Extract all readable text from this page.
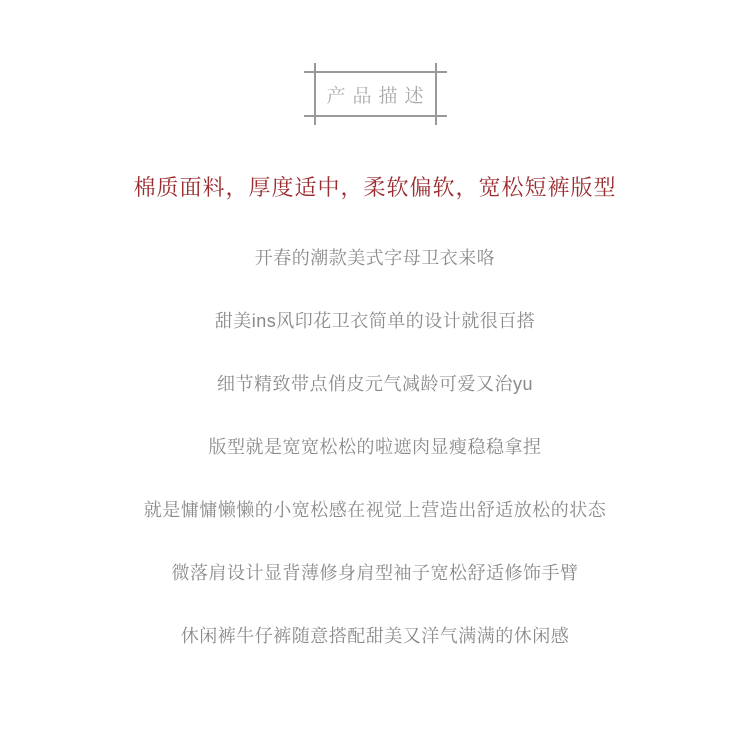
产品描述

棉质面料，厚度适中，柔软偏软，宽松短裤版型

开春的潮款美式字母卫衣来咯

甜美ins风印花卫衣简单的设计就很百搭

细节精致带点俏皮元气减龄可爱又治yu

版型就是宽宽松松的啦遮肉显瘦稳稳拿捏

就是慵慵懒懒的小宽松感在视觉上营造出舒适放松的状态

微落肩设计显背薄修身肩型袖子宽松舒适修饰手臂

休闲裤牛仔裤随意搭配甜美又洋气满满的休闲感
